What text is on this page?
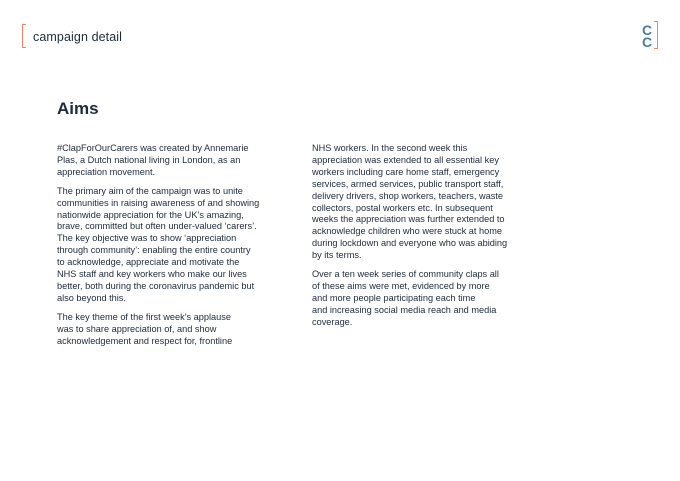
campaign detail	C
C
Aims

#ClapForOurCarers was created by Annemarie
Plas, a Dutch national living in London, as an
appreciation movement.

The primary aim of the campaign was to unite
communities in raising awareness of and showing
nationwide appreciation for the UK’s amazing,
brave, committed but often under-valued ‘carers’.
The key objective was to show ‘appreciation
through community’: enabling the entire country
to acknowledge, appreciate and motivate the
NHS staff and key workers who make our lives
better, both during the coronavirus pandemic but
also beyond this.

The key theme of the first week’s applause
was to share appreciation of, and show
acknowledgement and respect for, frontline

NHS workers. In the second week this
appreciation was extended to all essential key
workers including care home staff, emergency
services, armed services, public transport staff,
delivery drivers, shop workers, teachers, waste
collectors, postal workers etc. In subsequent
weeks the appreciation was further extended to
acknowledge children who were stuck at home
during lockdown and everyone who was abiding
by its terms.

Over a ten week series of community claps all
of these aims were met, evidenced by more
and more people participating each time
and increasing social media reach and media
coverage.
